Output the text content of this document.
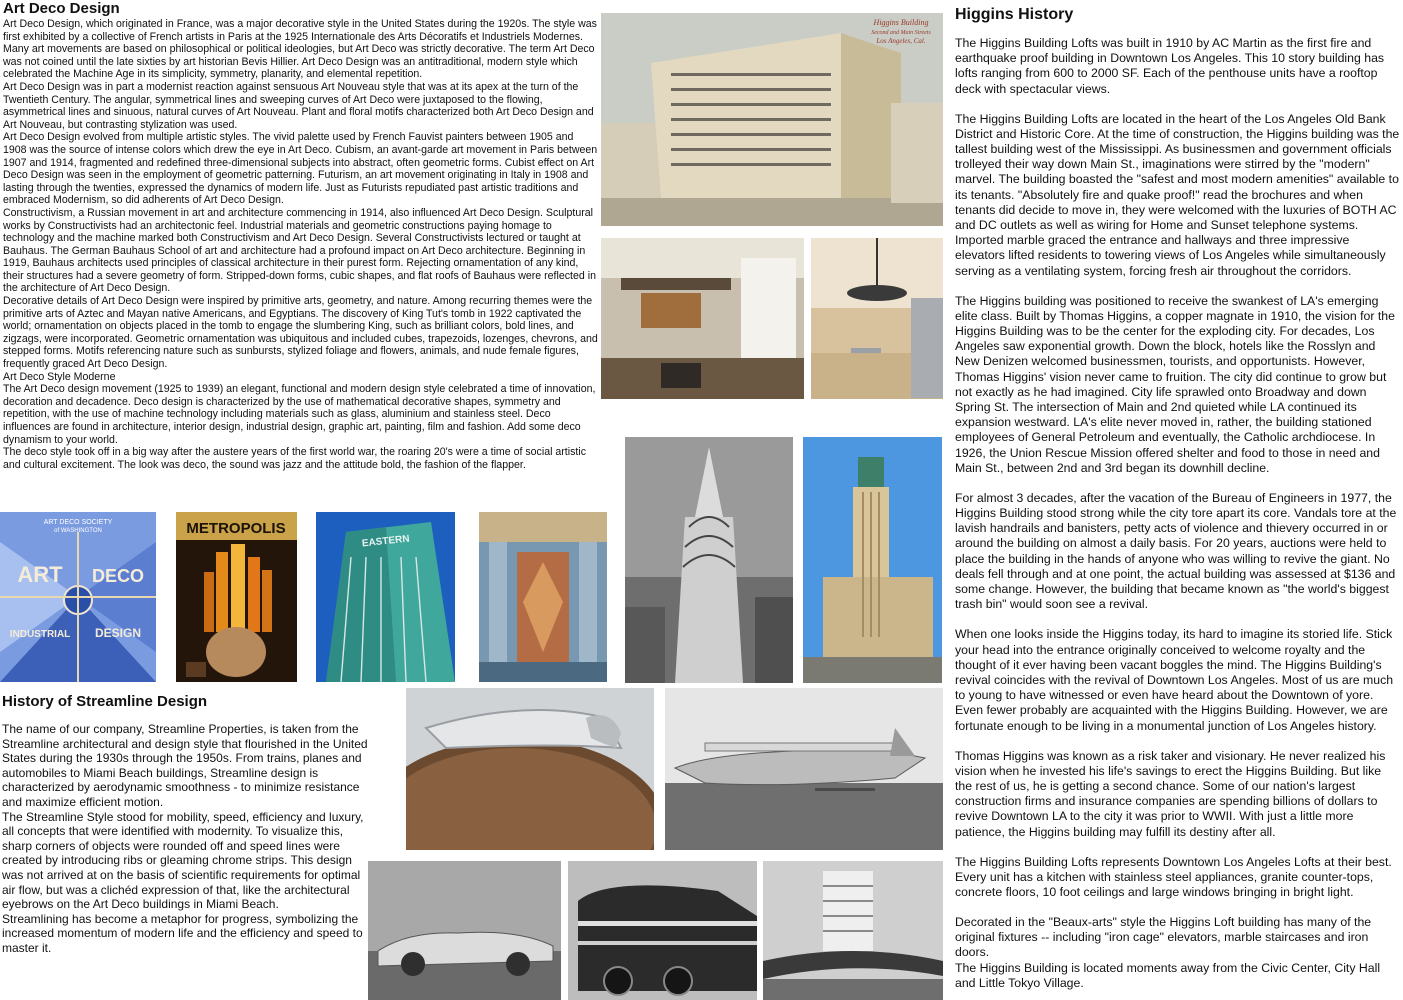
Art Deco Design

Art Deco Design, which originated in France, was a major decorative style in the United States during the 1920s. The style was first exhibited by a collective of French artists in Paris at the 1925 Internationale des Arts Décoratifs et Industriels Modernes. Many art movements are based on philosophical or political ideologies, but Art Deco was strictly decorative. The term Art Deco was not coined until the late sixties by art historian Bevis Hillier. Art Deco Design was an antitraditional, modern style which celebrated the Machine Age in its simplicity, symmetry, planarity, and elemental repetition.

Art Deco Design was in part a modernist reaction against sensuous Art Nouveau style that was at its apex at the turn of the Twentieth Century. The angular, symmetrical lines and sweeping curves of Art Deco were juxtaposed to the flowing, asymmetrical lines and sinuous, natural curves of Art Nouveau. Plant and floral motifs characterized both Art Deco Design and Art Nouveau, but contrasting stylization was used.

Art Deco Design evolved from multiple artistic styles. The vivid palette used by French Fauvist painters between 1905 and 1908 was the source of intense colors which drew the eye in Art Deco. Cubism, an avant-garde art movement in Paris between 1907 and 1914, fragmented and redefined three-dimensional subjects into abstract, often geometric forms. Cubist effect on Art Deco Design was seen in the employment of geometric patterning. Futurism, an art movement originating in Italy in 1908 and lasting through the twenties, expressed the dynamics of modern life. Just as Futurists repudiated past artistic traditions and embraced Modernism, so did adherents of Art Deco Design.

Constructivism, a Russian movement in art and architecture commencing in 1914, also influenced Art Deco Design. Sculptural works by Constructivists had an architectonic feel. Industrial materials and geometric constructions paying homage to technology and the machine marked both Constructivism and Art Deco Design. Several Constructivists lectured or taught at Bauhaus. The German Bauhaus School of art and architecture had a profound impact on Art Deco architecture. Beginning in 1919, Bauhaus architects used principles of classical architecture in their purest form. Rejecting ornamentation of any kind, their structures had a severe geometry of form. Stripped-down forms, cubic shapes, and flat roofs of Bauhaus were reflected in the architecture of Art Deco Design.

Decorative details of Art Deco Design were inspired by primitive arts, geometry, and nature. Among recurring themes were the primitive arts of Aztec and Mayan native Americans, and Egyptians. The discovery of King Tut's tomb in 1922 captivated the world; ornamentation on objects placed in the tomb to engage the slumbering King, such as brilliant colors, bold lines, and zigzags, were incorporated. Geometric ornamentation was ubiquitous and included cubes, trapezoids, lozenges, chevrons, and stepped forms. Motifs referencing nature such as sunbursts, stylized foliage and flowers, animals, and nude female figures, frequently graced Art Deco Design.

Art Deco Style Moderne

The Art Deco design movement (1925 to 1939) an elegant, functional and modern design style celebrated a time of innovation, decoration and decadence. Deco design is characterized by the use of mathematical decorative shapes, symmetry and repetition, with the use of machine technology including materials such as glass, aluminium and stainless steel. Deco influences are found in architecture, interior design, industrial design, graphic art, painting, film and fashion. Add some deco dynamism to your world.

The deco style took off in a big way after the austere years of the first world war, the roaring 20's were a time of social artistic and cultural excitement. The look was deco, the sound was jazz and the attitude bold, the fashion of the flapper.

ART DECO SOCIETY
of WASHINGTON
ART DECO
INDUSTRIAL DESIGN
METROPOLIS
EASTERN
Higgins Building
Second and Main Streets
Los Angeles, Cal.
History of Streamline Design

The name of our company, Streamline Properties, is taken from the Streamline architectural and design style that flourished in the United States during the 1930s through the 1950s. From trains, planes and automobiles to Miami Beach buildings, Streamline design is characterized by aerodynamic smoothness - to minimize resistance and maximize efficient motion.

The Streamline Style stood for mobility, speed, efficiency and luxury, all concepts that were identified with modernity. To visualize this, sharp corners of objects were rounded off and speed lines were created by introducing ribs or gleaming chrome strips. This design was not arrived at on the basis of scientific requirements for optimal air flow, but was a clichéd expression of that, like the architectural eyebrows on the Art Deco buildings in Miami Beach.

Streamlining has become a metaphor for progress, symbolizing the increased momentum of modern life and the efficiency and speed to master it.

Higgins History

The Higgins Building Lofts was built in 1910 by AC Martin as the first fire and earthquake proof building in Downtown Los Angeles. This 10 story building has lofts ranging from 600 to 2000 SF. Each of the penthouse units have a rooftop deck with spectacular views.

The Higgins Building Lofts are located in the heart of the Los Angeles Old Bank District and Historic Core. At the time of construction, the Higgins building was the tallest building west of the Mississippi. As businessmen and government officials trolleyed their way down Main St., imaginations were stirred by the "modern" marvel. The building boasted the "safest and most modern amenities" available to its tenants. "Absolutely fire and quake proof!" read the brochures and when tenants did decide to move in, they were welcomed with the luxuries of BOTH AC and DC outlets as well as wiring for Home and Sunset telephone systems. Imported marble graced the entrance and hallways and three impressive elevators lifted residents to towering views of Los Angeles while simultaneously serving as a ventilating system, forcing fresh air throughout the corridors.

The Higgins building was positioned to receive the swankest of LA's emerging elite class. Built by Thomas Higgins, a copper magnate in 1910, the vision for the Higgins Building was to be the center for the exploding city. For decades, Los Angeles saw exponential growth. Down the block, hotels like the Rosslyn and New Denizen welcomed businessmen, tourists, and opportunists. However, Thomas Higgins' vision never came to fruition. The city did continue to grow but not exactly as he had imagined. City life sprawled onto Broadway and down Spring St. The intersection of Main and 2nd quieted while LA continued its expansion westward. LA's elite never moved in, rather, the building stationed employees of General Petroleum and eventually, the Catholic archdiocese. In 1926, the Union Rescue Mission offered shelter and food to those in need and Main St., between 2nd and 3rd began its downhill decline.

For almost 3 decades, after the vacation of the Bureau of Engineers in 1977, the Higgins Building stood strong while the city tore apart its core. Vandals tore at the lavish handrails and banisters, petty acts of violence and thievery occurred in or around the building on almost a daily basis. For 20 years, auctions were held to place the building in the hands of anyone who was willing to revive the giant. No deals fell through and at one point, the actual building was assessed at $136 and some change. However, the building that became known as "the world's biggest trash bin" would soon see a revival.

When one looks inside the Higgins today, its hard to imagine its storied life. Stick your head into the entrance originally conceived to welcome royalty and the thought of it ever having been vacant boggles the mind. The Higgins Building's revival coincides with the revival of Downtown Los Angeles. Most of us are much to young to have witnessed or even have heard about the Downtown of yore. Even fewer probably are acquainted with the Higgins Building. However, we are fortunate enough to be living in a monumental junction of Los Angeles history.

Thomas Higgins was known as a risk taker and visionary. He never realized his vision when he invested his life's savings to erect the Higgins Building. But like the rest of us, he is getting a second chance. Some of our nation's largest construction firms and insurance companies are spending billions of dollars to revive Downtown LA to the city it was prior to WWII. With just a little more patience, the Higgins building may fulfill its destiny after all.

The Higgins Building Lofts represents Downtown Los Angeles Lofts at their best. Every unit has a kitchen with stainless steel appliances, granite counter-tops, concrete floors, 10 foot ceilings and large windows bringing in bright light.

Decorated in the "Beaux-arts" style the Higgins Loft building has many of the original fixtures -- including "iron cage" elevators, marble staircases and iron doors.

The Higgins Building is located moments away from the Civic Center, City Hall and Little Tokyo Village.
